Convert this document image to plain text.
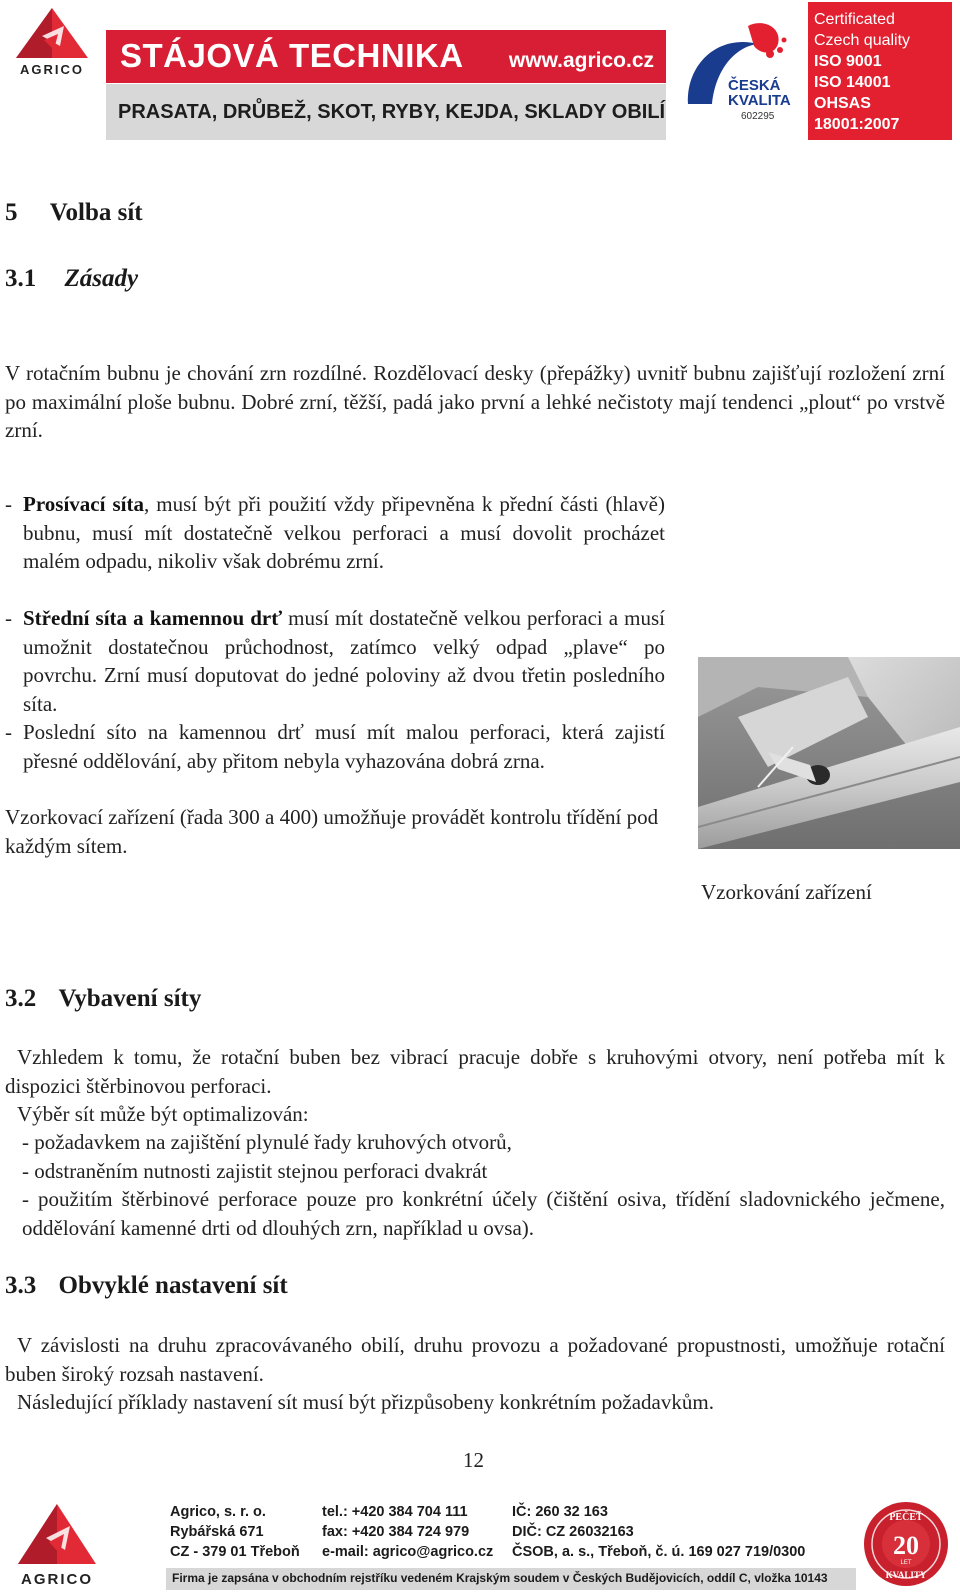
AGRICO STÁJOVÁ TECHNIKA www.agrico.cz
PRASATA, DRŮBEŽ, SKOT, RYBY, KEJDA, SKLADY OBILÍ
ČESKÁ
KVALITA
602295
Certificated
Czech quality
ISO 9001
ISO 14001
OHSAS
18001:2007
5 Volba sít
3.1 Zásady
V rotačním bubnu je chování zrn rozdílné. Rozdělovací desky (přepážky) uvnitř bubnu zajišťují rozložení zrní po maximální ploše bubnu. Dobré zrní, těžší, padá jako první a lehké nečistoty mají tendenci „plout“ po vrstvě zrní.
- Prosívací síta, musí být při použití vždy připevněna k přední části (hlavě) bubnu, musí mít dostatečně velkou perforaci a musí dovolit procházet malém odpadu, nikoliv však dobrému zrní.
- Střední síta a kamennou drť musí mít dostatečně velkou perforaci a musí umožnit dostatečnou průchodnost, zatímco velký odpad „plave“ po povrchu. Zrní musí doputovat do jedné poloviny až dvou třetin posledního síta.
- Poslední síto na kamennou drť musí mít malou perforaci, která zajistí přesné oddělování, aby přitom nebyla vyhazována dobrá zrna.
Vzorkovací zařízení (řada 300 a 400) umožňuje provádět kontrolu třídění pod každým sítem.
Vzorkování zařízení
3.2 Vybavení síty
Vzhledem k tomu, že rotační buben bez vibrací pracuje dobře s kruhovými otvory, není potřeba mít k dispozici štěrbinovou perforaci.
Výběr sít může být optimalizován:
- požadavkem na zajištění plynulé řady kruhových otvorů,
- odstraněním nutnosti zajistit stejnou perforaci dvakrát
- použitím štěrbinové perforace pouze pro konkrétní účely (čištění osiva, třídění sladovnického ječmene, oddělování kamenné drti od dlouhých zrn, například u ovsa).
3.3 Obvyklé nastavení sít
V závislosti na druhu zpracovávaného obilí, druhu provozu a požadované propustnosti, umožňuje rotační buben široký rozsah nastavení.
Následující příklady nastavení sít musí být přizpůsobeny konkrétním požadavkům.
12
AGRICO
Agrico, s. r. o.
Rybářská 671
CZ - 379 01 Třeboň
tel.: +420 384 704 111
fax: +420 384 724 979
e-mail: agrico@agrico.cz
IČ: 260 32 163
DIČ: CZ 26032163
ČSOB, a. s., Třeboň, č. ú. 169 027 719/0300
Firma je zapsána v obchodním rejstříku vedeném Krajským soudem v Českých Budějovicích, oddíl C, vložka 10143
PEČEŤ
20
LET
KVALITY
